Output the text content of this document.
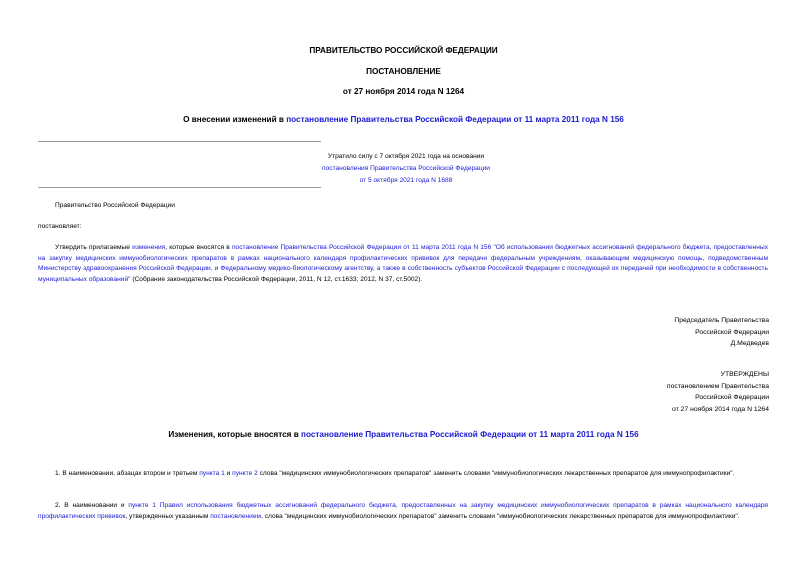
ПРАВИТЕЛЬСТВО РОССИЙСКОЙ ФЕДЕРАЦИИ
ПОСТАНОВЛЕНИЕ
от 27 ноября 2014 года N 1264
О внесении изменений в постановление Правительства Российской Федерации от 11 марта 2011 года N 156
Утратило силу с 7 октября 2021 года на основании
постановления Правительства Российской Федерации
от 5 октября 2021 года N 1688
Правительство Российской Федерации
постановляет:
Утвердить прилагаемые изменения, которые вносятся в постановление Правительства Российской Федерации от 11 марта 2011 года N 156 "Об использовании бюджетных ассигнований федерального бюджета, предоставленных на закупку медицинских иммунобиологических препаратов в рамках национального календаря профилактических прививок для передачи федеральным учреждениям, оказывающим медицинскую помощь, подведомственным Министерству здравоохранения Российской Федерации, и Федеральному медико-биологическому агентству, а также в собственность субъектов Российской Федерации с последующей их передачей при необходимости в собственность муниципальных образований" (Собрание законодательства Российской Федерации, 2011, N 12, ст.1633; 2012, N 37, ст.5002).
Председатель Правительства
Российской Федерации
Д.Медведев
УТВЕРЖДЕНЫ
постановлением Правительства
Российской Федерации
от 27 ноября 2014 года N 1264
Изменения, которые вносятся в постановление Правительства Российской Федерации от 11 марта 2011 года N 156
1. В наименовании, абзацах втором и третьем пункта 1 и пункте 2 слова "медицинских иммунобиологических препаратов" заменить словами "иммунобиологических лекарственных препаратов для иммунопрофилактики".
2. В наименовании и пункте 1 Правил использования бюджетных ассигнований федерального бюджета, предоставленных на закупку медицинских иммунобиологических препаратов в рамках национального календаря профилактических прививок, утвержденных указанным постановлением, слова "медицинских иммунобиологических препаратов" заменить словами "иммунобиологических лекарственных препаратов для иммунопрофилактики".
